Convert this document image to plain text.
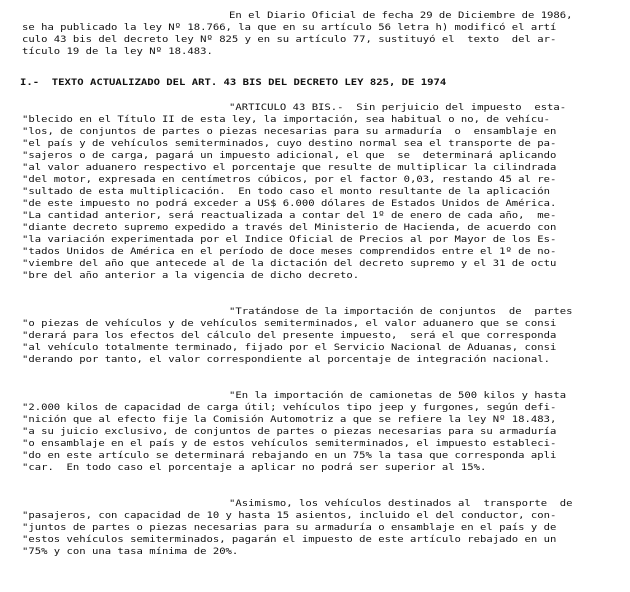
En el Diario Oficial de fecha 29 de Diciembre de 1986,
se ha publicado la ley Nº 18.766, la que en su artículo 56 letra h) modificó el artí
culo 43 bis del decreto ley Nº 825 y en su artículo 77, sustituyó el  texto  del ar-
tículo 19 de la ley Nº 18.483.
I.-  TEXTO ACTUALIZADO DEL ART. 43 BIS DEL DECRETO LEY 825, DE 1974
"ARTICULO 43 BIS.-  Sin perjuicio del impuesto  esta-
"blecido en el Título II de esta ley, la importación, sea habitual o no, de vehícu-
"los, de conjuntos de partes o piezas necesarias para su armaduría  o  ensamblaje en
"el país y de vehículos semiterminados, cuyo destino normal sea el transporte de pa-
"sajeros o de carga, pagará un impuesto adicional, el que  se  determinará aplicando
"al valor aduanero respectivo el porcentaje que resulte de multiplicar la cilindrada
"del motor, expresada en centímetros cúbicos, por el factor 0,03, restando 45 al re-
"sultado de esta multiplicación.  En todo caso el monto resultante de la aplicación
"de este impuesto no podrá exceder a US$ 6.000 dólares de Estados Unidos de América.
"La cantidad anterior, será reactualizada a contar del 1º de enero de cada año,  me-
"diante decreto supremo expedido a través del Ministerio de Hacienda, de acuerdo con
"la variación experimentada por el Indice Oficial de Precios al por Mayor de los Es-
"tados Unidos de América en el período de doce meses comprendidos entre el 1º de no-
"viembre del año que antecede al de la dictación del decreto supremo y el 31 de octu
"bre del año anterior a la vigencia de dicho decreto.
"Tratándose de la importación de conjuntos  de  partes
"o piezas de vehículos y de vehículos semiterminados, el valor aduanero que se consi
"derará para los efectos del cálculo del presente impuesto,  será el que corresponda
"al vehículo totalmente terminado, fijado por el Servicio Nacional de Aduanas, consi
"derando por tanto, el valor correspondiente al porcentaje de integración nacional.
"En la importación de camionetas de 500 kilos y hasta
"2.000 kilos de capacidad de carga útil; vehículos tipo jeep y furgones, según defi-
"nición que al efecto fije la Comisión Automotriz a que se refiere la ley Nº 18.483,
"a su juicio exclusivo, de conjuntos de partes o piezas necesarias para su armaduría
"o ensamblaje en el país y de estos vehículos semiterminados, el impuesto estableci-
"do en este artículo se determinará rebajando en un 75% la tasa que corresponda apli
"car.  En todo caso el porcentaje a aplicar no podrá ser superior al 15%.
"Asimismo, los vehículos destinados al  transporte  de
"pasajeros, con capacidad de 10 y hasta 15 asientos, incluido el del conductor, con-
"juntos de partes o piezas necesarias para su armaduría o ensamblaje en el país y de
"estos vehículos semiterminados, pagarán el impuesto de este artículo rebajado en un
"75% y con una tasa mínima de 20%.
